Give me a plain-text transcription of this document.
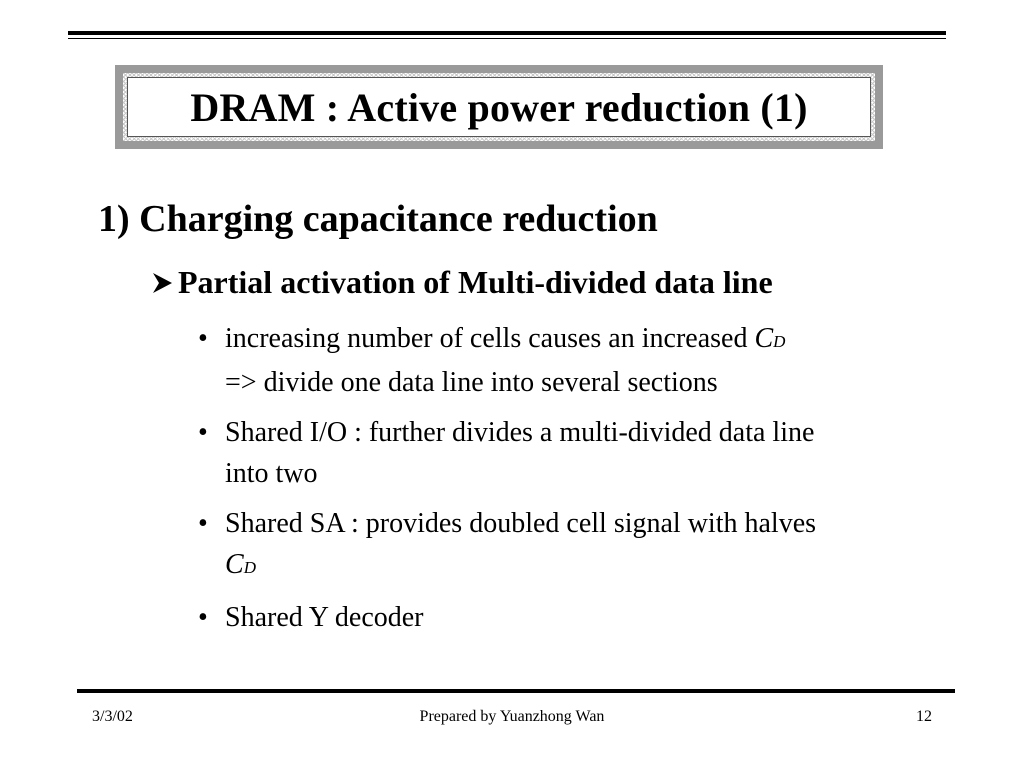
DRAM : Active power reduction (1)
1) Charging capacitance reduction
Partial activation of Multi-divided data line
• increasing number of cells causes an increased CD
=> divide one data line into several sections
• Shared I/O : further divides a multi-divided data line
into two
• Shared SA : provides doubled cell signal with halves
CD
• Shared Y decoder
3/3/02	Prepared by Yuanzhong Wan	12
